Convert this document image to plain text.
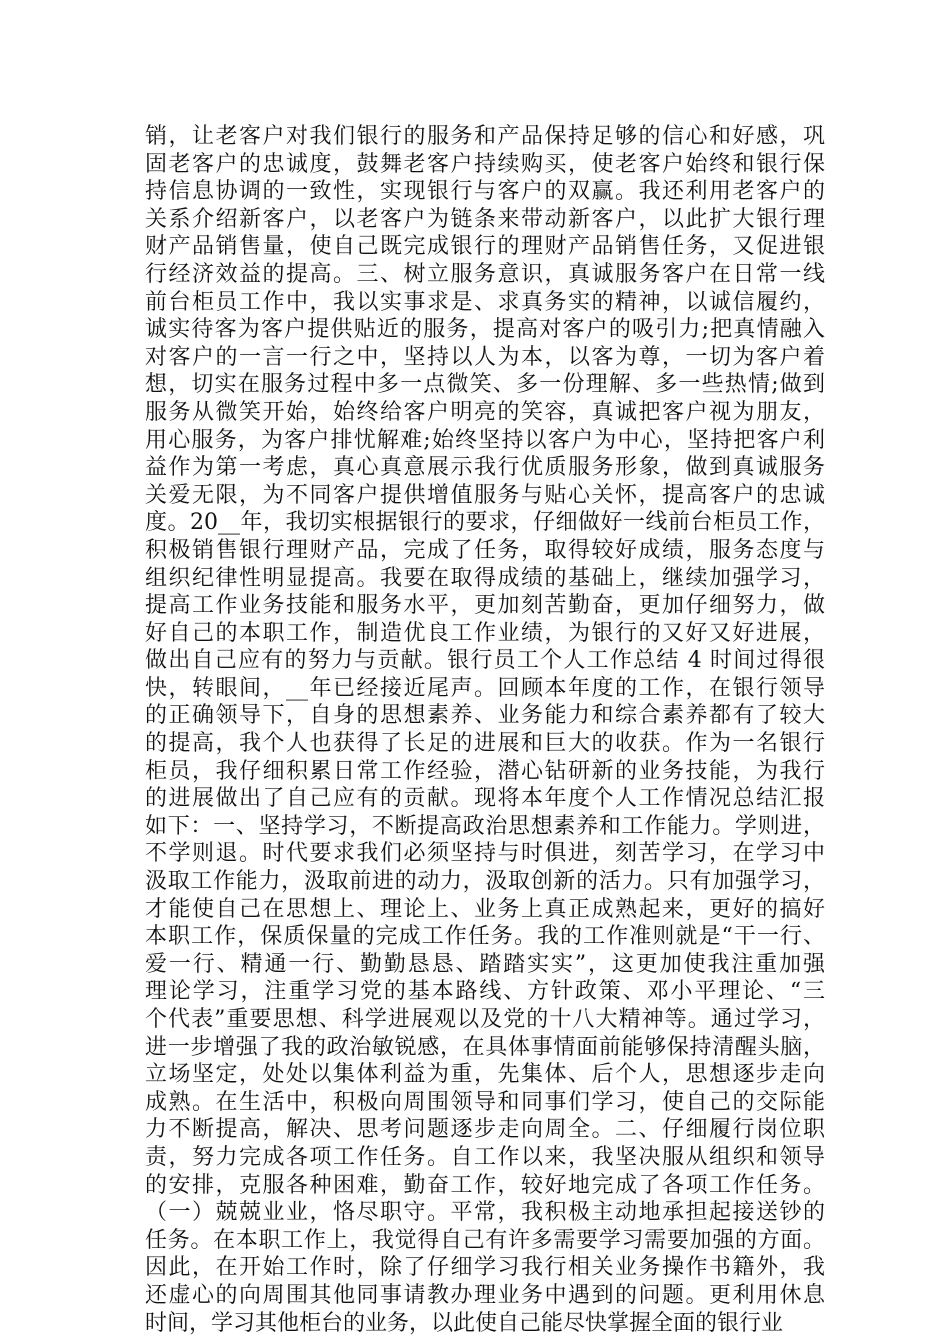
销，让老客户对我们银行的服务和产品保持足够的信心和好感，巩
固老客户的忠诚度，鼓舞老客户持续购买，使老客户始终和银行保
持信息协调的一致性，实现银行与客户的双赢。我还利用老客户的
关系介绍新客户，以老客户为链条来带动新客户，以此扩大银行理
财产品销售量，使自己既完成银行的理财产品销售任务，又促进银
行经济效益的提高。三、树立服务意识，真诚服务客户在日常一线
前台柜员工作中，我以实事求是、求真务实的精神，以诚信履约，
诚实待客为客户提供贴近的服务，提高对客户的吸引力;把真情融入
对客户的一言一行之中，坚持以人为本，以客为尊，一切为客户着
想，切实在服务过程中多一点微笑、多一份理解、多一些热情;做到
服务从微笑开始，始终给客户明亮的笑容，真诚把客户视为朋友，
用心服务，为客户排忧解难;始终坚持以客户为中心，坚持把客户利
益作为第一考虑，真心真意展示我行优质服务形象，做到真诚服务
关爱无限，为不同客户提供增值服务与贴心关怀，提高客户的忠诚
度。20__年，我切实根据银行的要求，仔细做好一线前台柜员工作，
积极销售银行理财产品，完成了任务，取得较好成绩，服务态度与
组织纪律性明显提高。我要在取得成绩的基础上，继续加强学习，
提高工作业务技能和服务水平，更加刻苦勤奋，更加仔细努力，做
好自己的本职工作，制造优良工作业绩，为银行的又好又好进展，
做出自己应有的努力与贡献。银行员工个人工作总结 4 时间过得很
快，转眼间，__年已经接近尾声。回顾本年度的工作，在银行领导
的正确领导下，自身的思想素养、业务能力和综合素养都有了较大
的提高，我个人也获得了长足的进展和巨大的收获。作为一名银行
柜员，我仔细积累日常工作经验，潜心钻研新的业务技能，为我行
的进展做出了自己应有的贡献。现将本年度个人工作情况总结汇报
如下：一、坚持学习，不断提高政治思想素养和工作能力。学则进，
不学则退。时代要求我们必须坚持与时俱进，刻苦学习，在学习中
汲取工作能力，汲取前进的动力，汲取创新的活力。只有加强学习，
才能使自己在思想上、理论上、业务上真正成熟起来，更好的搞好
本职工作，保质保量的完成工作任务。我的工作准则就是“干一行、
爱一行、精通一行、勤勤恳恳、踏踏实实”，这更加使我注重加强
理论学习，注重学习党的基本路线、方针政策、邓小平理论、“三
个代表”重要思想、科学进展观以及党的十八大精神等。通过学习，
进一步增强了我的政治敏锐感，在具体事情面前能够保持清醒头脑，
立场坚定，处处以集体利益为重，先集体、后个人，思想逐步走向
成熟。在生活中，积极向周围领导和同事们学习，使自己的交际能
力不断提高，解决、思考问题逐步走向周全。二、仔细履行岗位职
责，努力完成各项工作任务。自工作以来，我坚决服从组织和领导
的安排，克服各种困难，勤奋工作，较好地完成了各项工作任务。
（一）兢兢业业，恪尽职守。平常，我积极主动地承担起接送钞的
任务。在本职工作上，我觉得自己有许多需要学习需要加强的方面。
因此，在开始工作时，除了仔细学习我行相关业务操作书籍外，我
还虚心的向周围其他同事请教办理业务中遇到的问题。更利用休息
时间，学习其他柜台的业务，以此使自己能尽快掌握全面的银行业
